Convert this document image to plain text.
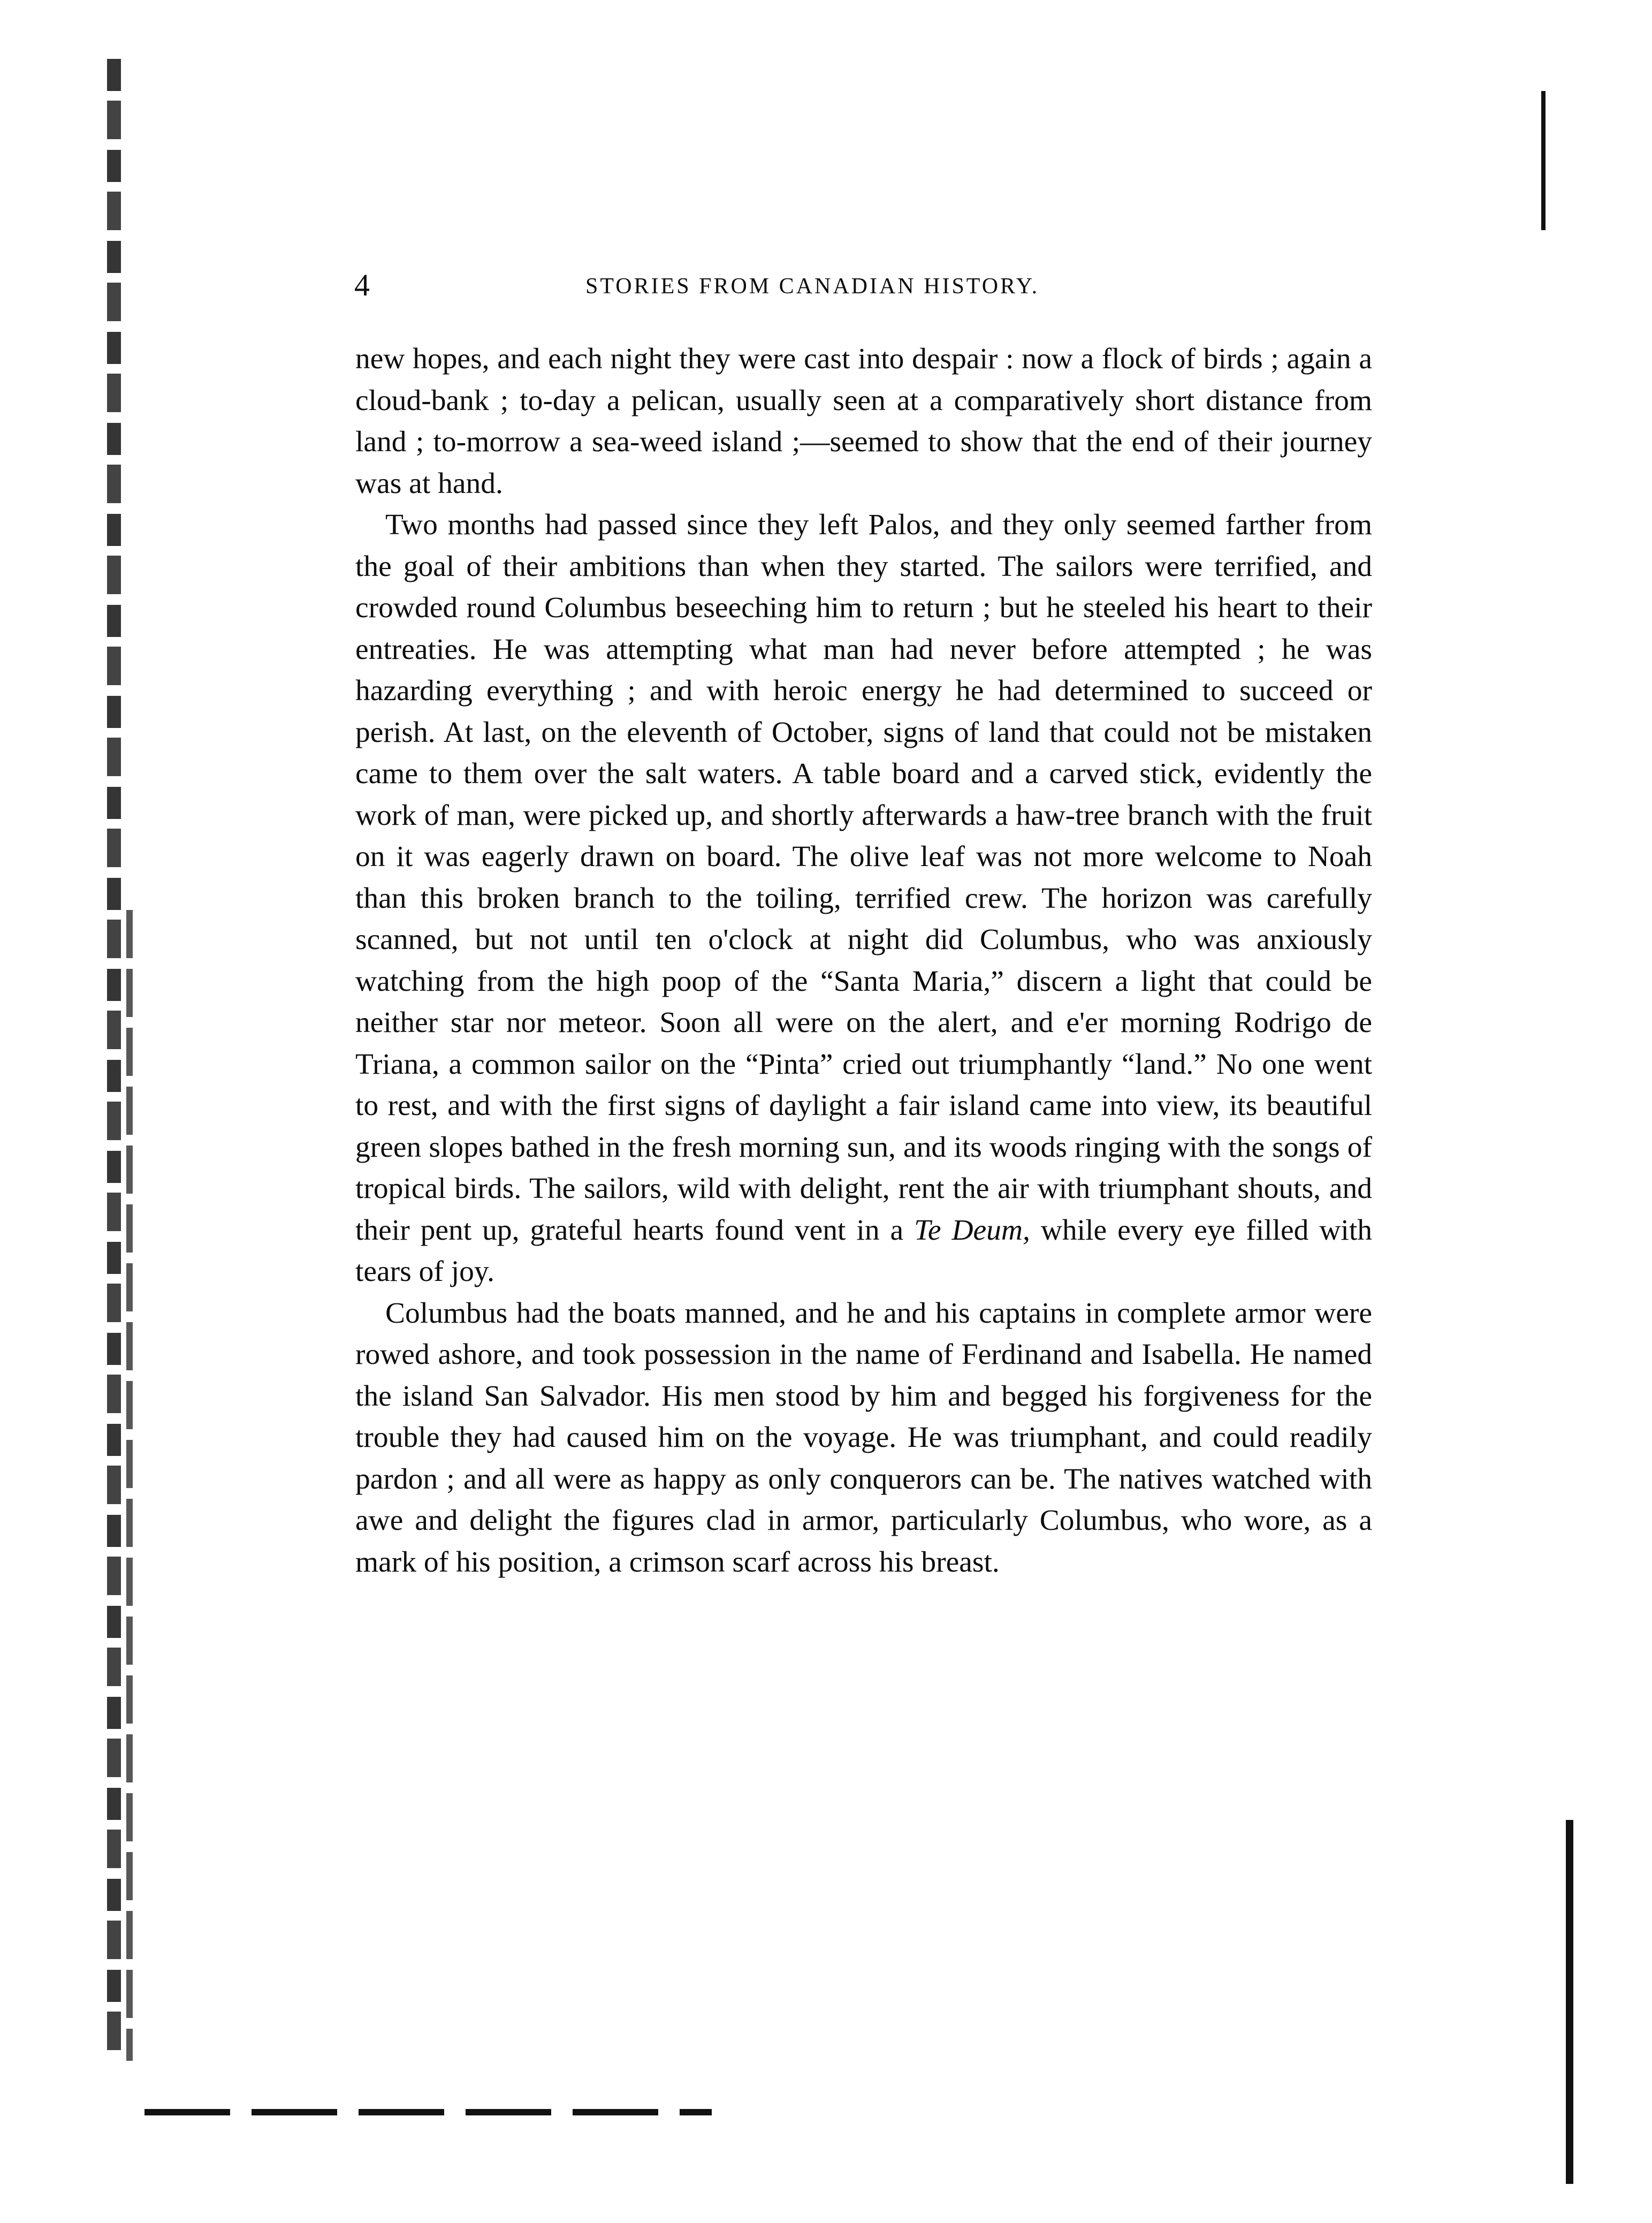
4	STORIES FROM CANADIAN HISTORY.

new hopes, and each night they were cast into despair : now a flock of birds ; again a cloud-bank ; to-day a pelican, usually seen at a comparatively short distance from land ; to-morrow a sea-weed island ;—seemed to show that the end of their journey was at hand.

Two months had passed since they left Palos, and they only seemed farther from the goal of their ambitions than when they started. The sailors were terrified, and crowded round Columbus beseeching him to return ; but he steeled his heart to their entreaties. He was attempting what man had never before attempted ; he was hazarding everything ; and with heroic energy he had determined to succeed or perish. At last, on the eleventh of October, signs of land that could not be mistaken came to them over the salt waters. A table board and a carved stick, evidently the work of man, were picked up, and shortly afterwards a haw-tree branch with the fruit on it was eagerly drawn on board. The olive leaf was not more welcome to Noah than this broken branch to the toiling, terrified crew. The horizon was carefully scanned, but not until ten o'clock at night did Columbus, who was anxiously watching from the high poop of the “Santa Maria,” discern a light that could be neither star nor meteor. Soon all were on the alert, and e'er morning Rodrigo de Triana, a common sailor on the “Pinta” cried out triumphantly “land.” No one went to rest, and with the first signs of daylight a fair island came into view, its beautiful green slopes bathed in the fresh morning sun, and its woods ringing with the songs of tropical birds. The sailors, wild with delight, rent the air with triumphant shouts, and their pent up, grateful hearts found vent in a Te Deum, while every eye filled with tears of joy.

Columbus had the boats manned, and he and his captains in complete armor were rowed ashore, and took possession in the name of Ferdinand and Isabella. He named the island San Salvador. His men stood by him and begged his forgiveness for the trouble they had caused him on the voyage. He was triumphant, and could readily pardon ; and all were as happy as only conquerors can be. The natives watched with awe and delight the figures clad in armor, particularly Columbus, who wore, as a mark of his position, a crimson scarf across his breast.
